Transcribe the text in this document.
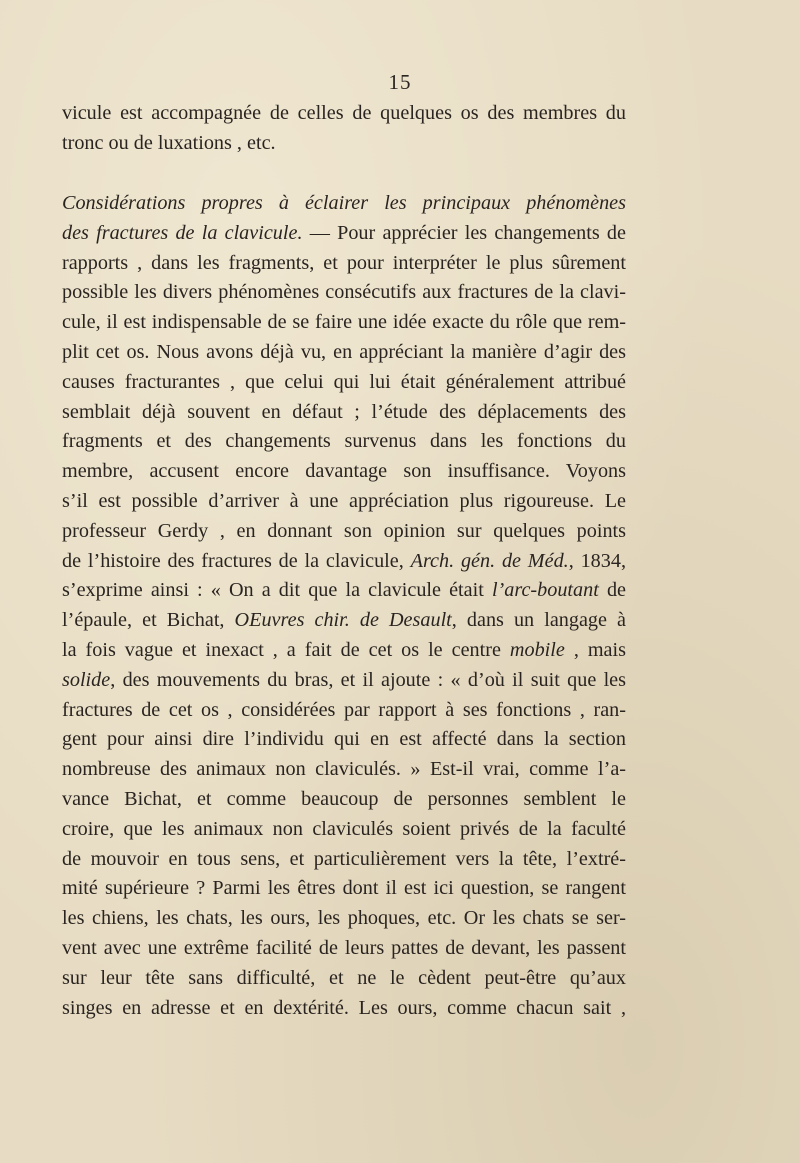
15
vicule est accompagnée de celles de quelques os des membres du
tronc ou de luxations , etc.
Considérations propres à éclairer les principaux phénomènes
des fractures de la clavicule. — Pour apprécier les changements de
rapports , dans les fragments, et pour interpréter le plus sûrement
possible les divers phénomènes consécutifs aux fractures de la clavi-
cule, il est indispensable de se faire une idée exacte du rôle que rem-
plit cet os. Nous avons déjà vu, en appréciant la manière d’agir des
causes fracturantes , que celui qui lui était généralement attribué
semblait déjà souvent en défaut ; l’étude des déplacements des
fragments et des changements survenus dans les fonctions du
membre, accusent encore davantage son insuffisance. Voyons
s’il est possible d’arriver à une appréciation plus rigoureuse. Le
professeur Gerdy , en donnant son opinion sur quelques points
de l’histoire des fractures de la clavicule, Arch. gén. de Méd., 1834,
s’exprime ainsi : « On a dit que la clavicule était l’arc-boutant de
l’épaule, et Bichat, OEuvres chir. de Desault, dans un langage à
la fois vague et inexact , a fait de cet os le centre mobile , mais
solide, des mouvements du bras, et il ajoute : « d’où il suit que les
fractures de cet os , considérées par rapport à ses fonctions , ran-
gent pour ainsi dire l’individu qui en est affecté dans la section
nombreuse des animaux non claviculés. » Est-il vrai, comme l’a-
vance Bichat, et comme beaucoup de personnes semblent le
croire, que les animaux non claviculés soient privés de la faculté
de mouvoir en tous sens, et particulièrement vers la tête, l’extré-
mité supérieure ? Parmi les êtres dont il est ici question, se rangent
les chiens, les chats, les ours, les phoques, etc. Or les chats se ser-
vent avec une extrême facilité de leurs pattes de devant, les passent
sur leur tête sans difficulté, et ne le cèdent peut-être qu’aux
singes en adresse et en dextérité. Les ours, comme chacun sait ,
